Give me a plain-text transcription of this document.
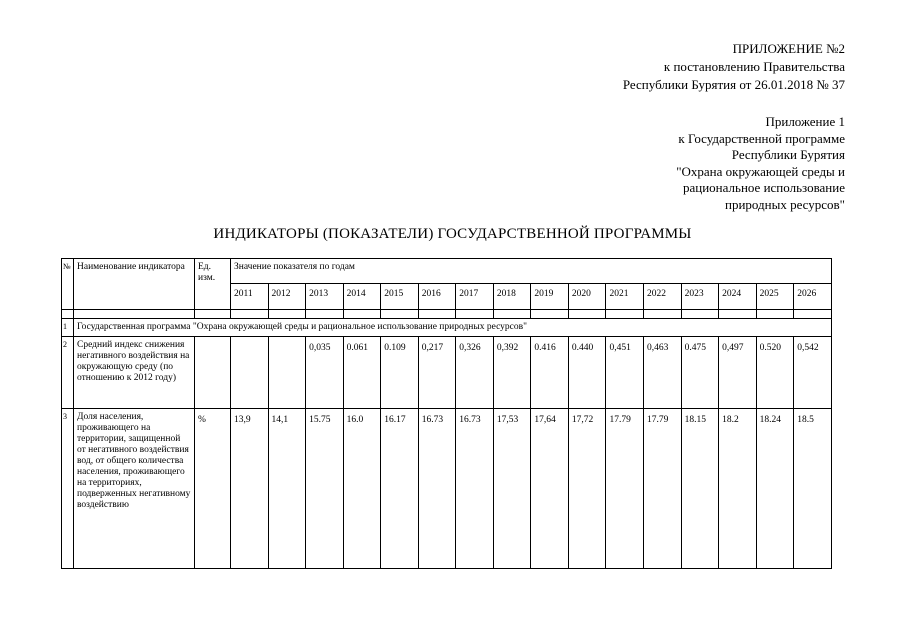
ПРИЛОЖЕНИЕ №2
к постановлению Правительства
Республики Бурятия от 26.01.2018 № 37
Приложение 1
к Государственной программе
Республики Бурятия
"Охрана окружающей среды и
рациональное использование
природных ресурсов"
ИНДИКАТОРЫ (ПОКАЗАТЕЛИ) ГОСУДАРСТВЕННОЙ ПРОГРАММЫ
№	Наименование индикатора	Ед. изм.	Значение показателя по годам															
			2011	2012	2013	2014	2015	2016	2017	2018	2019	2020	2021	2022	2023	2024	2025	2026

1	Государственная программа "Охрана окружающей среды и рациональное использование природных ресурсов"																	
2	Средний индекс снижения негативного воздействия на окружающую среду (по отношению к 2012 году)				0,035	0.061	0.109	0,217	0,326	0,392	0.416	0.440	0,451	0,463	0.475	0,497	0.520	0,542
3	Доля населения, проживающего на территории, защищенной от негативного воздействия вод, от общего количества населения, проживающего на территориях, подверженных негативному воздействию	%	13,9	14,1	15.75	16.0	16.17	16.73	16.73	17,53	17,64	17,72	17.79	17.79	18.15	18.2	18.24	18.5
